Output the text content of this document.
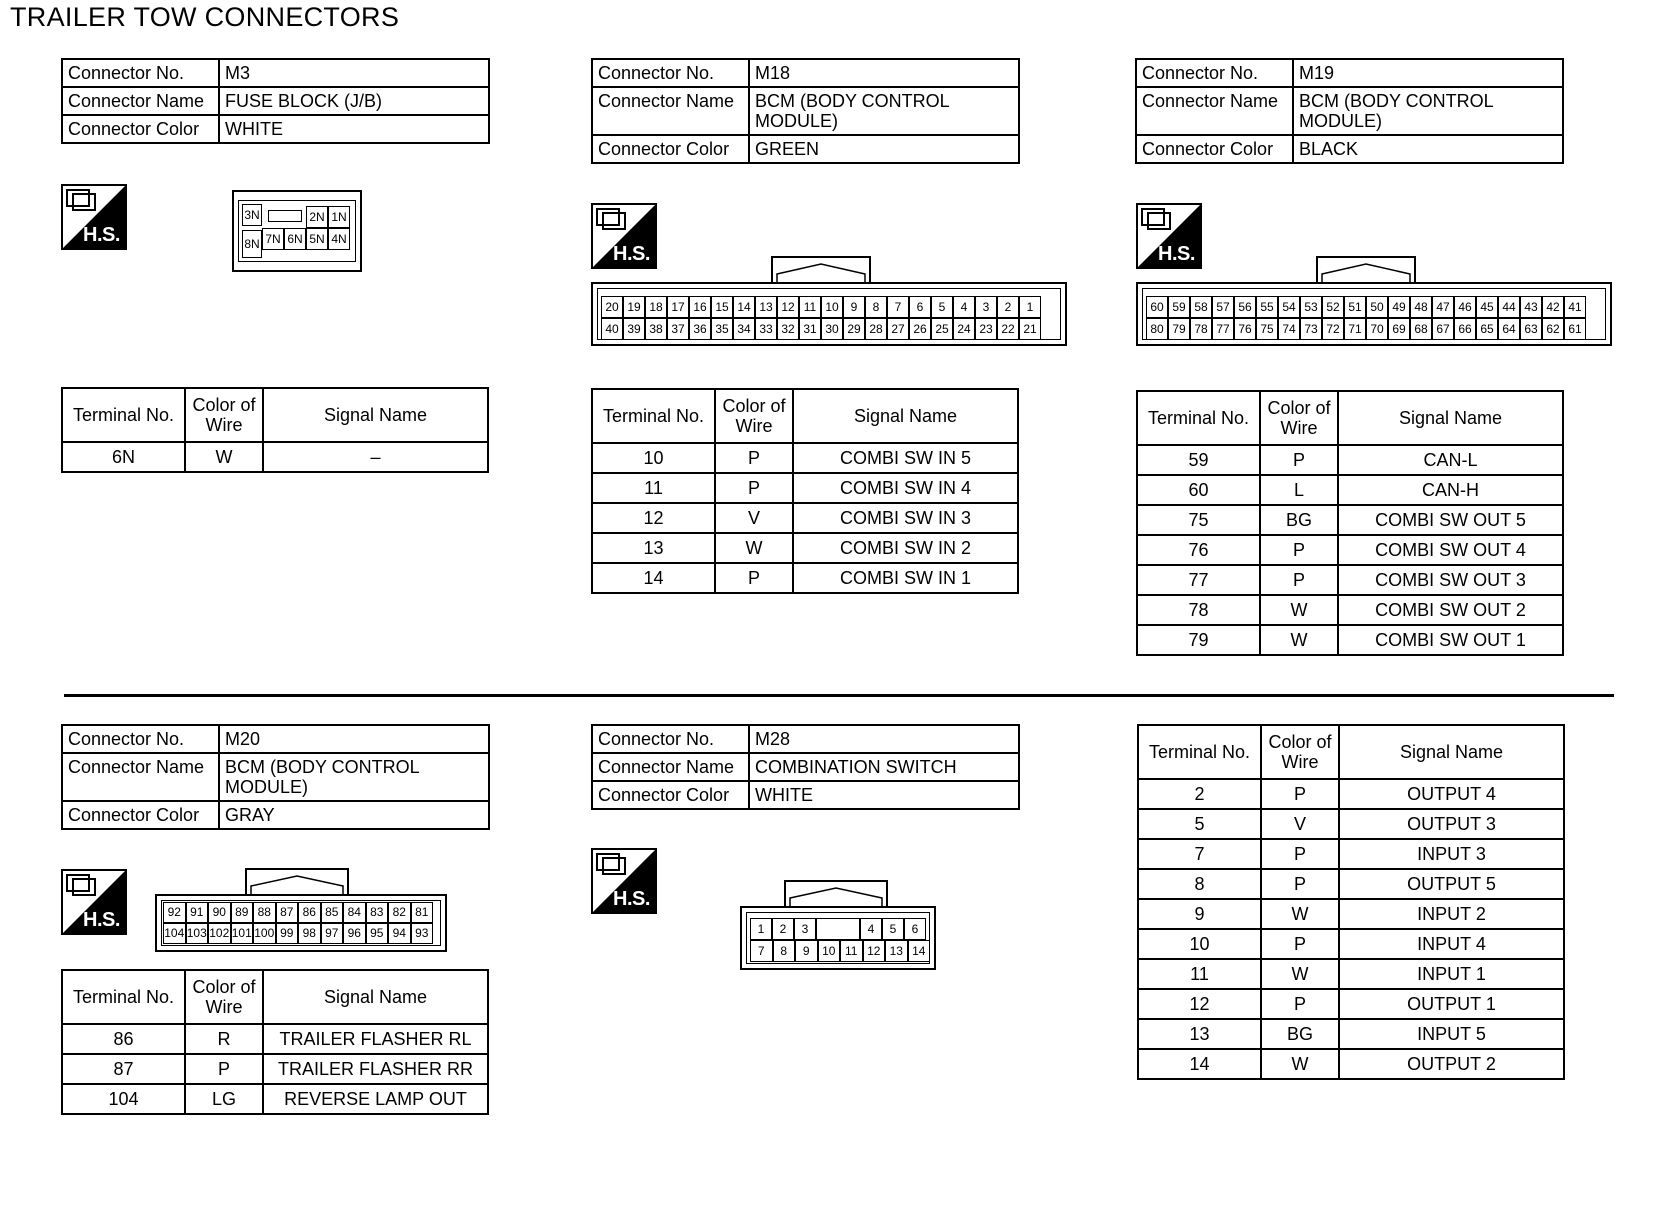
TRAILER TOW CONNECTORS
Connector No.	M3
Connector Name	FUSE BLOCK (J/B)
Connector Color	WHITE
H.S.
3N	2N 1N
8N 7N 6N 5N 4N
Terminal No.	Color of Wire	Signal Name
6N	W	–
Connector No.	M18
Connector Name	BCM (BODY CONTROL MODULE)
Connector Color	GREEN
H.S.
20
40
19
39
18
38
17
37
16
36
15
35
14
34
13
33
12
32
11
31
10
30
9
29
8
28
7
27
6
26
5
25
4
24
3
23
2
22
1
21
Terminal No.	Color of Wire	Signal Name
10	P	COMBI SW IN 5
11	P	COMBI SW IN 4
12	V	COMBI SW IN 3
13	W	COMBI SW IN 2
14	P	COMBI SW IN 1
Connector No.	M19
Connector Name	BCM (BODY CONTROL MODULE)
Connector Color	BLACK
H.S.
60
80
59
79
58
78
57
77
56
76
55
75
54
74
53
73
52
72
51
71
50
70
49
69
48
68
47
67
46
66
45
65
44
64
43
63
42
62
41
61
Terminal No.	Color of Wire	Signal Name
59	P	CAN-L
60	L	CAN-H
75	BG	COMBI SW OUT 5
76	P	COMBI SW OUT 4
77	P	COMBI SW OUT 3
78	W	COMBI SW OUT 2
79	W	COMBI SW OUT 1
Connector No.	M20
Connector Name	BCM (BODY CONTROL MODULE)
Connector Color	GRAY
H.S.	92
104
91
103
90
102
89
101
88
100
87
99
86
98
85
97
84
96
83
95
82
94
81
93
Terminal No.	Color of Wire	Signal Name
86	R	TRAILER FLASHER RL
87	P	TRAILER FLASHER RR
104	LG	REVERSE LAMP OUT
Connector No.	M28
Connector Name	COMBINATION SWITCH
Connector Color	WHITE
H.S.
1	2	3	4	5	6
7	8	9	10 11 12 13 14
Terminal No.	Color of Wire	Signal Name
2	P	OUTPUT 4
5	V	OUTPUT 3
7	P	INPUT 3
8	P	OUTPUT 5
9	W	INPUT 2
10	P	INPUT 4
11	W	INPUT 1
12	P	OUTPUT 1
13	BG	INPUT 5
14	W	OUTPUT 2
